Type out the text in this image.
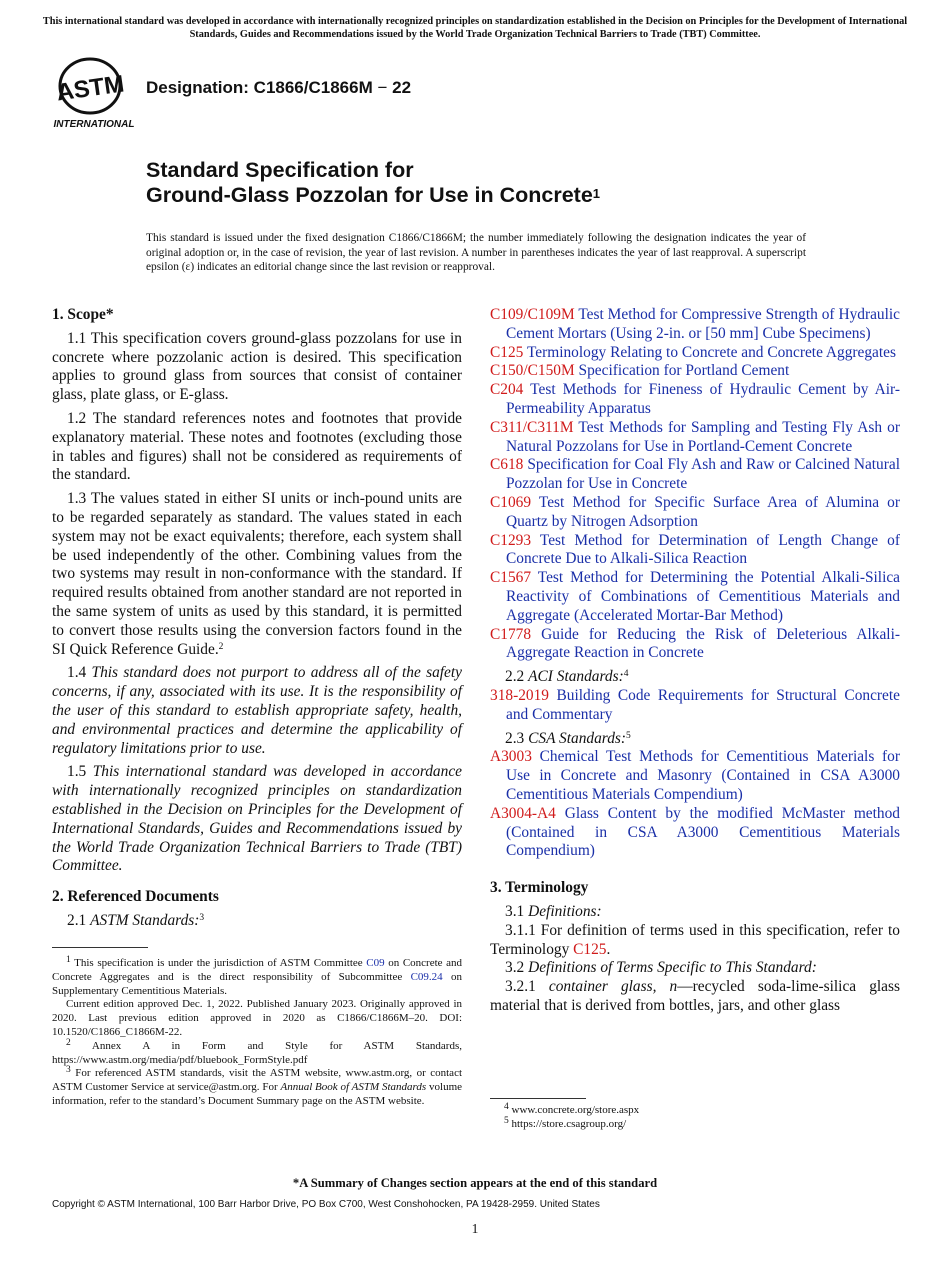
This international standard was developed in accordance with internationally recognized principles on standardization established in the Decision on Principles for the Development of International Standards, Guides and Recommendations issued by the World Trade Organization Technical Barriers to Trade (TBT) Committee.
ASTM
INTERNATIONAL
Designation: C1866/C1866M − 22
Standard Specification for
Ground-Glass Pozzolan for Use in Concrete$^1$
This standard is issued under the fixed designation C1866/C1866M; the number immediately following the designation indicates the year of original adoption or, in the case of revision, the year of last revision. A number in parentheses indicates the year of last reapproval. A superscript epsilon (ε) indicates an editorial change since the last revision or reapproval.
1. Scope*

1.1 This specification covers ground-glass pozzolans for use in concrete where pozzolanic action is desired. This specification applies to ground glass from sources that consist of container glass, plate glass, or E-glass.

1.2 The standard references notes and footnotes that provide explanatory material. These notes and footnotes (excluding those in tables and figures) shall not be considered as requirements of the standard.

1.3 The values stated in either SI units or inch-pound units are to be regarded separately as standard. The values stated in each system may not be exact equivalents; therefore, each system shall be used independently of the other. Combining values from the two systems may result in non-conformance with the standard. If required results obtained from another standard are not reported in the same system of units as used by this standard, it is permitted to convert those results using the conversion factors found in the SI Quick Reference Guide.$^2$

1.4 This standard does not purport to address all of the safety concerns, if any, associated with its use. It is the responsibility of the user of this standard to establish appropriate safety, health, and environmental practices and determine the applicability of regulatory limitations prior to use.

1.5 This international standard was developed in accordance with internationally recognized principles on standardization established in the Decision on Principles for the Development of International Standards, Guides and Recommendations issued by the World Trade Organization Technical Barriers to Trade (TBT) Committee.

2. Referenced Documents

2.1 ASTM Standards:$^3$

C109/C109M Test Method for Compressive Strength of Hydraulic Cement Mortars (Using 2-in. or [50 mm] Cube Specimens)
C125 Terminology Relating to Concrete and Concrete Aggregates
C150/C150M Specification for Portland Cement
C204 Test Methods for Fineness of Hydraulic Cement by Air-Permeability Apparatus
C311/C311M Test Methods for Sampling and Testing Fly Ash or Natural Pozzolans for Use in Portland-Cement Concrete
C618 Specification for Coal Fly Ash and Raw or Calcined Natural Pozzolan for Use in Concrete
C1069 Test Method for Specific Surface Area of Alumina or Quartz by Nitrogen Adsorption
C1293 Test Method for Determination of Length Change of Concrete Due to Alkali-Silica Reaction
C1567 Test Method for Determining the Potential Alkali-Silica Reactivity of Combinations of Cementitious Materials and Aggregate (Accelerated Mortar-Bar Method)
C1778 Guide for Reducing the Risk of Deleterious Alkali-Aggregate Reaction in Concrete
2.2 ACI Standards:$^4$
318-2019 Building Code Requirements for Structural Concrete and Commentary
2.3 CSA Standards:$^5$
A3003 Chemical Test Methods for Cementitious Materials for Use in Concrete and Masonry (Contained in CSA A3000 Cementitious Materials Compendium)
A3004-A4 Glass Content by the modified McMaster method (Contained in CSA A3000 Cementitious Materials Compendium)
3. Terminology

3.1 Definitions:

3.1.1 For definition of terms used in this specification, refer to Terminology C125.

3.2 Definitions of Terms Specific to This Standard:

3.2.1 container glass, n—recycled soda-lime-silica glass material that is derived from bottles, jars, and other glass

$^1$ This specification is under the jurisdiction of ASTM Committee C09 on Concrete and Concrete Aggregates and is the direct responsibility of Subcommittee C09.24 on Supplementary Cementitious Materials.

Current edition approved Dec. 1, 2022. Published January 2023. Originally approved in 2020. Last previous edition approved in 2020 as C1866/C1866M–20. DOI: 10.1520/C1866_C1866M-22.

$^2$ Annex A in Form and Style for ASTM Standards, https://www.astm.org/media/pdf/bluebook_FormStyle.pdf

$^3$ For referenced ASTM standards, visit the ASTM website, www.astm.org, or contact ASTM Customer Service at service@astm.org. For Annual Book of ASTM Standards volume information, refer to the standard’s Document Summary page on the ASTM website.

$^4$ www.concrete.org/store.aspx

$^5$ https://store.csagroup.org/

*A Summary of Changes section appears at the end of this standard
Copyright © ASTM International, 100 Barr Harbor Drive, PO Box C700, West Conshohocken, PA 19428-2959. United States
1
